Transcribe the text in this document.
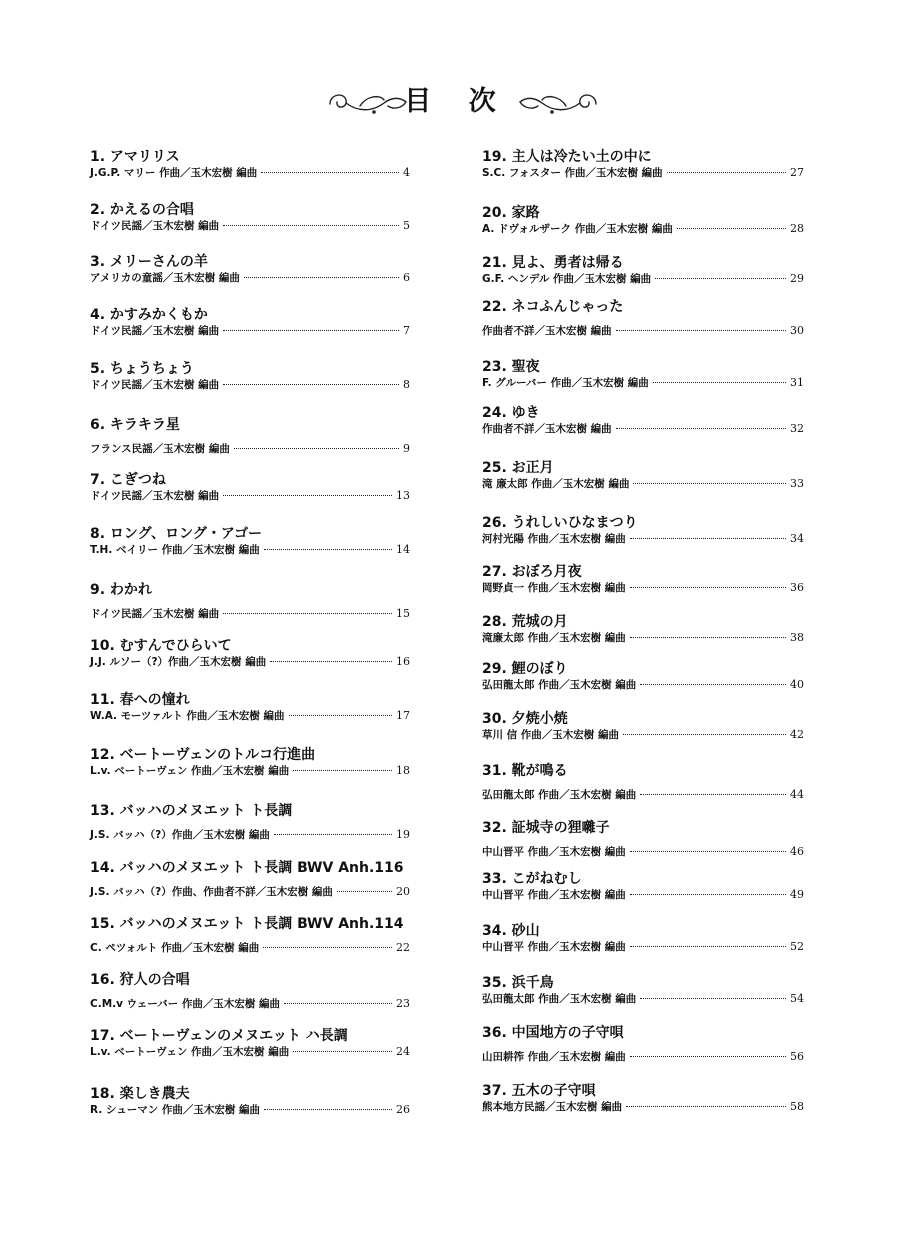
目 次
1. アマリリス
J.G.P. マリー 作曲／玉木宏樹 編曲	4
2. かえるの合唱
ドイツ民謡／玉木宏樹 編曲	5
3. メリーさんの羊
アメリカの童謡／玉木宏樹 編曲	6
4. かすみかくもか
ドイツ民謡／玉木宏樹 編曲	7
5. ちょうちょう
ドイツ民謡／玉木宏樹 編曲	8
6. キラキラ星
フランス民謡／玉木宏樹 編曲	9
7. こぎつね
ドイツ民謡／玉木宏樹 編曲	13
8. ロング、ロング・アゴー
T.H. ベイリー 作曲／玉木宏樹 編曲	14
9. わかれ
ドイツ民謡／玉木宏樹 編曲	15
10. むすんでひらいて
J.J. ルソー（?）作曲／玉木宏樹 編曲	16
11. 春への憧れ
W.A. モーツァルト 作曲／玉木宏樹 編曲	17
12. ベートーヴェンのトルコ行進曲
L.v. ベートーヴェン 作曲／玉木宏樹 編曲	18
13. バッハのメヌエット ト長調
J.S. バッハ（?）作曲／玉木宏樹 編曲	19
14. バッハのメヌエット ト長調 BWV Anh.116
J.S. バッハ（?）作曲、作曲者不詳／玉木宏樹 編曲	20
15. バッハのメヌエット ト長調 BWV Anh.114
C. ペツォルト 作曲／玉木宏樹 編曲	22
16. 狩人の合唱
C.M.v ウェーバー 作曲／玉木宏樹 編曲	23
17. ベートーヴェンのメヌエット ハ長調
L.v. ベートーヴェン 作曲／玉木宏樹 編曲	24
18. 楽しき農夫
R. シューマン 作曲／玉木宏樹 編曲	26
19. 主人は冷たい土の中に
S.C. フォスター 作曲／玉木宏樹 編曲	27
20. 家路
A. ドヴォルザーク 作曲／玉木宏樹 編曲	28
21. 見よ、勇者は帰る
G.F. ヘンデル 作曲／玉木宏樹 編曲	29
22. ネコふんじゃった
作曲者不詳／玉木宏樹 編曲	30
23. 聖夜
F. グルーバー 作曲／玉木宏樹 編曲	31
24. ゆき
作曲者不詳／玉木宏樹 編曲	32
25. お正月
滝 廉太郎 作曲／玉木宏樹 編曲	33
26. うれしいひなまつり
河村光陽 作曲／玉木宏樹 編曲	34
27. おぼろ月夜
岡野貞一 作曲／玉木宏樹 編曲	36
28. 荒城の月
滝廉太郎 作曲／玉木宏樹 編曲	38
29. 鯉のぼり
弘田龍太郎 作曲／玉木宏樹 編曲	40
30. 夕焼小焼
草川 信 作曲／玉木宏樹 編曲	42
31. 靴が鳴る
弘田龍太郎 作曲／玉木宏樹 編曲	44
32. 証城寺の狸囃子
中山晋平 作曲／玉木宏樹 編曲	46
33. こがねむし
中山晋平 作曲／玉木宏樹 編曲	49
34. 砂山
中山晋平 作曲／玉木宏樹 編曲	52
35. 浜千鳥
弘田龍太郎 作曲／玉木宏樹 編曲	54
36. 中国地方の子守唄
山田耕筰 作曲／玉木宏樹 編曲	56
37. 五木の子守唄
熊本地方民謡／玉木宏樹 編曲	58
